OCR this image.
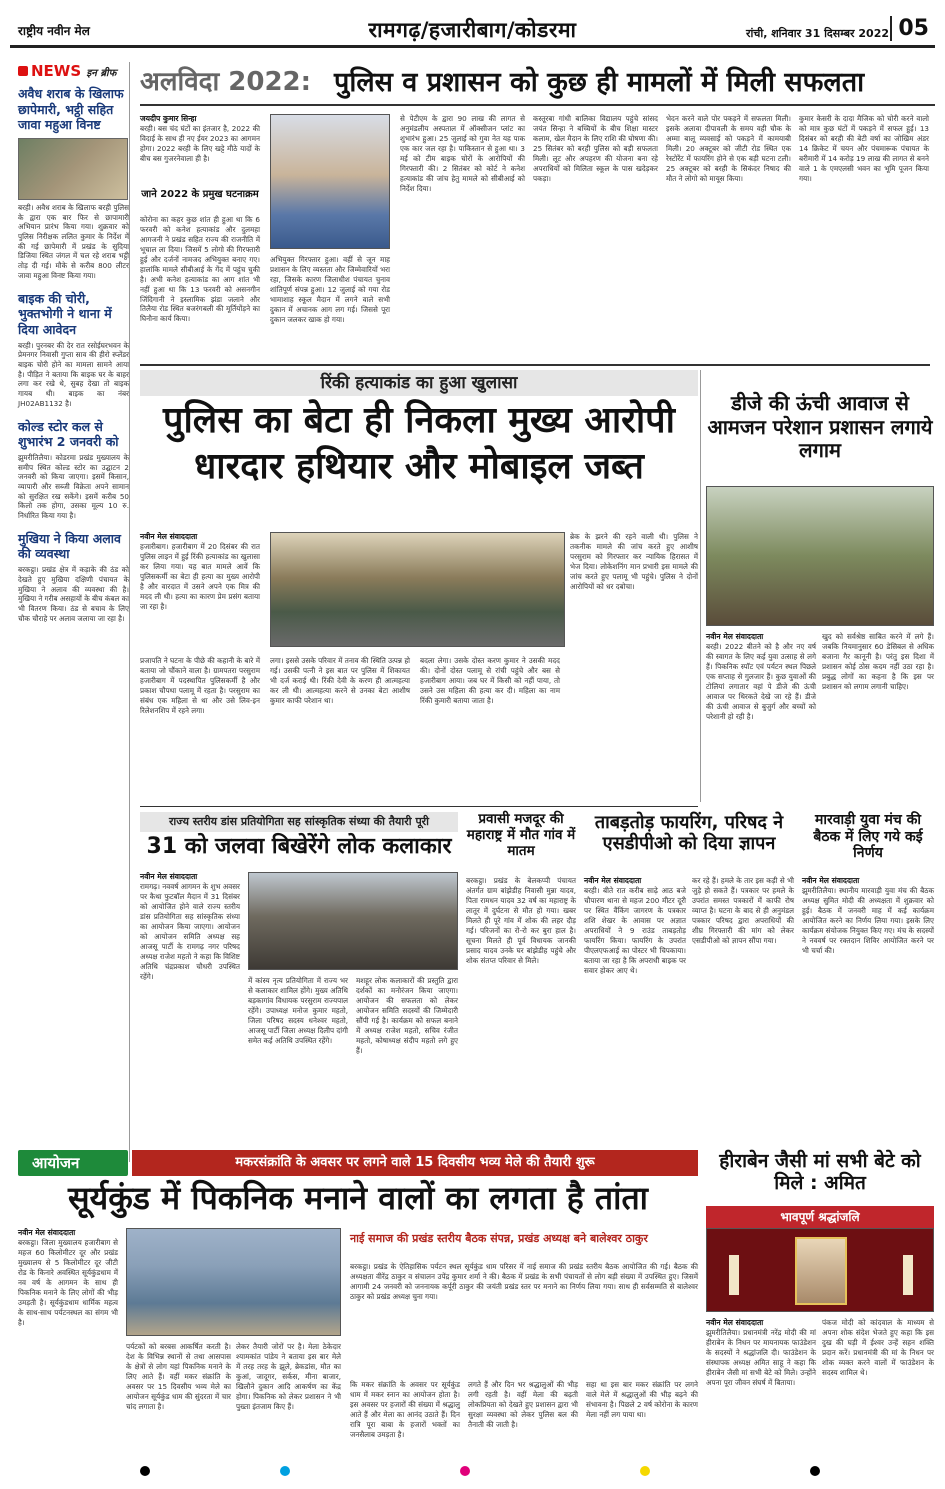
राष्ट्रीय नवीन मेल	रामगढ़/हजारीबाग/कोडरमा	रांची, शनिवार 31 दिसम्बर 2022 05
NEWS इन ब्रीफ
अवैध शराब के खिलाफ छापेमारी, भट्ठी सहित जावा महुआ विनष्ट
बरही। अवैध शराब के खिलाफ बरही पुलिस के द्वारा एक बार फिर से छापामारी अभियान प्रारंभ किया गया। शुक्रवार को पुलिस निरीक्षक ललित कुमार के निर्देश में की गई छापेमारी में प्रखंड के सुदिया डिजिया स्थित जंगल में चल रहे शराब भट्ठी तोड़ दी गई। मौके से करीब 800 लीटर जावा महुआ विनष्ट किया गया।
बाइक की चोरी, भुक्तभोगी ने थाना में दिया आवेदन
बरही। पुरनबर की देर रात रसोईघरभवन के प्रेमनगर निवासी गुप्ता साव की हीरो स्प्लेंडर बाइक चोरी होने का मामला सामने आया है। पीड़ित ने बताया कि बाइक घर के बाहर लगा कर रखे थे, सुबह देखा तो बाइक गायब थी। बाइक का नंबर JH02AB1132 है।
कोल्ड स्टोर कल से शुभारंभ 2 जनवरी को
झुमरीतिलैया। कोडरमा प्रखंड मुख्यालय के समीप स्थित कोल्ड स्टोर का उद्घाटन 2 जनवरी को किया जाएगा। इसमें किसान, व्यापारी और सब्जी विक्रेता अपने सामान को सुरक्षित रख सकेंगे। इसमें करीब 50 किलो तक होगा, उसका मूल्य 10 रु. निर्धारित किया गया है।
मुखिया ने किया अलाव की व्यवस्था
बरकट्ठा। प्रखंड क्षेत्र में कड़ाके की ठंड को देखते हुए मुखिया दक्षिणी पंचायत के मुखिया ने अलाव की व्यवस्था की है। मुखिया ने गरीब असहायों के बीच कंबल का भी वितरण किया। ठंड से बचाव के लिए चौक चौराहे पर अलाव जलाया जा रहा है।
अलविदा 2022: पुलिस व प्रशासन को कुछ ही मामलों में मिली सफलता
जयदीप कुमार सिन्हा
बरही। बस चंद घंटों का इंतजार है, 2022 की विदाई के साथ ही नए ईयर 2023 का आगमन होगा। 2022 बरही के लिए खट्टे मीठे यादों के बीच बस गुजरनेवाला ही है।
जाने 2022 के प्रमुख घटनाक्रम
कोरोना का कहर कुछ शांत ही हुआ था कि 6 फरवरी को कनेश हत्याकांड और दुलमहा आगजनी ने प्रखंड सहित राज्य की राजनीति में भूचाल ला दिया। जिसमें 5 लोगो की गिरफ्तारी हुई और दर्जनों नामजद अभियुक्त बनाए गए। हालांकि मामले सीबीआई के गेंद में पहुंच चुकी है। अभी कनेश हत्याकांड का आग शांत भी नहीं हुआ था कि 13 फरवरी को असनगीन जिंदिगानी ने इस्लामिक झंडा जलाने और तिलैया रोड स्थित बजरंगबली की मूर्तियोंड़ने का घिनौना कार्य किया।
अभियुक्त गिरफ्तार हुआ। वहीं से जून माह प्रशासन के लिए व्यस्तता और जिम्मेवारियों भरा रहा, जिसके कारण जिलाधीश पंचायत चुनाव शांतिपूर्ण संपन्न हुआ। 12 जुलाई को गया रोड भामाशाह स्कूल मैदान में लगने वाले सभी दुकान में अचानक आग लग गई। जिससे पूरा दुकान जलकर खाक हो गया।
से पेटीएम के द्वारा 90 लाख की लागत से अनुमंडलीय अस्पताल में ऑक्सीजन प्लांट का शुभारंभ हुआ। 25 जुलाई को गुवा नेत यह पाक एक कार जल रहा है। पाकिस्तान से हुआ था। 3 मई को टीम बाइक चोरों के आरोपियों की गिरफ्तारी की। 2 सितंबर को कोर्ट ने कनेश हत्याकांड की जांच हेतु मामले को सीबीआई को निर्देश दिया।
कस्तूरबा गांधी बालिका विद्यालय पहुंचे सांसद जयंत सिन्हा ने बच्चियों के बीच शिक्षा मास्टर कलाम, खेल मैदान के लिए राशि की घोषणा की। 25 सितंबर को बरही पुलिस को बड़ी सफलता मिली। लूट और अपहरण की योजना बना रहे अपराधियों को मिलिता स्कूल के पास खदेड़कर पकड़ा।
भेदन करने वाले पोर पकड़ने में सफलता मिली। इसके अलावा दीपावली के समय वही चौक के अम्मा बालू व्यवसाई को पकड़ने में कामयाबी मिली। 20 अक्टूबर को जीटी रोड स्थित एक रेस्टोरेंट में फायरिंग होने से एक बड़ी घटना टली। 25 अक्टूबर को बरही के सिकंदर निषाद की मौत ने लोगो को मायूस किया।
कुमार केसरी के दादा मैजिक को चोरी करने वालो को मात्र कुछ घंटों में पकड़ने में सफल हुई। 13 दिसंबर को बरही की बेटी वर्षा का जोखिम अंडर 14 क्रिकेट में चयन और पंचमारूक पंचायत के बरीमारी में 14 करोड़ 19 लाख की लागत से बनने वाले 1 के एमएलसी भवन का भूमि पूजन किया गया।
रिंकी हत्याकांड का हुआ खुलासा
पुलिस का बेटा ही निकला मुख्य आरोपी
धारदार हथियार और मोबाइल जब्त
नवीन मेल संवाददाता
हजारीबाग। हजारीबाग में 20 दिसंबर की रात पुलिस लाइन में हुई रिंकी हत्याकांड का खुलासा कर लिया गया। यह बात मामले आवें कि पुलिसकर्मी का बेटा ही हत्या का मुख्य आरोपी है और वारदात में उसने अपने एक मित्र की मदद ली थी। हत्या का कारण प्रेम प्रसंग बताया जा रहा है।
प्रजापति ने घटना के पीछे की कहानी के बारे में बताया जो चौंकाने वाला है। ग्रामपतरा परसुराम हजारीबाग में पदस्थापित पुलिसकर्मी है और प्रकाश चौपथा पलामू में रहता है। परसुराम का संबंध एक महिला से था और उसे लिव-इन रिलेशनशिप में रहने लगा।
लगा। इससे उसके परिवार में तनाव की स्थिति उत्पन्न हो गई। उसकी पत्नी ने इस बात पर पुलिस में शिकायत भी दर्ज कराई थी। रिंकी देवी के करण ही आत्महत्या कर ली थी। आत्महत्या करने से उनका बेटा आशीष कुमार काफी परेशान था।
बदला लेगा। उसके दोस्त करण कुमार ने उसकी मदद की। दोनों दोस्त पलामू से रांची पहुंचे और बस से हजारीबाग आया। जब घर में किसी को नहीं पाया, तो उसने उस महिला की हत्या कर दी। महिला का नाम रिंकी कुमारी बताया जाता है।
ब्रेक के झरने की रहने वाली थी। पुलिस ने तकनीक मामले की जांच करते हुए आशीष परसुराम को गिरफ्तार कर न्यायिक हिरासत में भेज दिया। लोकेशनिंग मान प्रभारी इस मामले की जांच करते हुए पलामू भी पहुंचे। पुलिस ने दोनों आरोपियों को धर दबोचा।
डीजे की ऊंची आवाज से आमजन परेशान प्रशासन लगाये लगाम
नवीन मेल संवाददाता
बरही। 2022 बीतने को है और नए वर्ष की स्वागत के लिए कई युवा उत्साह से लगे हैं। पिकनिक स्पॉट एवं पर्यटन स्थल पिछले एक सप्ताह से गुलजार हैं। कुछ युवाओं की टोलियां लगातार वहां पे डीजे की ऊंची आवाज पर थिरकते देखे जा रहे हैं। डीजे की ऊंची आवाज से बुजुर्ग और बच्चों को परेशानी हो रही है।
खुद को सर्वश्रेष्ठ साबित करने में लगे हैं। जबकि नियमानुसार 60 डेसिबल से अधिक बजाना गैर कानूनी है। परंतु इस दिशा में प्रशासन कोई ठोस कदम नहीं उठा रहा है। प्रबुद्ध लोगों का कहना है कि इस पर प्रशासन को लगाम लगानी चाहिए।
राज्य स्तरीय डांस प्रतियोगिता सह सांस्कृतिक संध्या की तैयारी पूरी
31 को जलवा बिखेरेंगे लोक कलाकार
नवीन मेल संवाददाता
रामगढ़। नववर्ष आगमन के शुभ अवसर पर कैथा फुटबॉल मैदान में 31 दिसंबर को आयोजित होने वाले राज्य स्तरीय डांस प्रतियोगिता सह सांस्कृतिक संध्या का आयोजन किया जाएगा। आयोजन को आयोजन समिति अध्यक्ष सह आजसू पार्टी के रामगढ़ नगर परिषद अध्यक्ष राजेश महतो ने कहा कि विशिष्ट अतिथि चंद्रप्रकाश चौधरी उपस्थित रहेंगे।	में कांस्य नृत्य प्रतियोगिता में राज्य भर से कलाकार शामिल होंगे। मुख्य अतिथि बड़कागांव विधायक परसुराम राज्यपाल रहेंगे। उपाध्यक्ष मनोज कुमार महतो, जिला परिषद सदस्य धनेश्वर महतो, आजसू पार्टी जिला अध्यक्ष दिलीप दांगी समेत कई अतिथि उपस्थित रहेंगे।
मशहूर लोक कलाकारों की प्रस्तुति द्वारा दर्शकों का मनोरंजन किया जाएगा। आयोजन की सफलता को लेकर आयोजन समिति सदस्यों की जिम्मेदारी सौंपी गई है। कार्यक्रम को सफल बनाने में अध्यक्ष राजेश महतो, सचिव रंजीत महतो, कोषाध्यक्ष संदीप महतो लगे हुए हैं।
प्रवासी मजदूर की महाराष्ट्र में मौत गांव में मातम
बरकट्ठा। प्रखंड के बेलकप्पी पंचायत अंतर्गत ग्राम बांझेडीह निवासी मुन्ना यादव, पिता रामधन यादव 32 वर्ष का महाराष्ट्र के लातूर में दुर्घटना से मौत हो गया। खबर मिलते ही पूरे गांव में शोक की लहर दौड़ गई। परिजनों का रो-रो कर बुरा हाल है। सूचना मिलते ही पूर्व विधायक जानकी प्रसाद यादव उनके घर बांझेडीह पहुंचे और शोक संतप्त परिवार से मिले।
ताबड़तोड़ फायरिंग, परिषद ने एसडीपीओ को दिया ज्ञापन
नवीन मेल संवाददाता
बरही। बीते रात करीब साढ़े आठ बजे चौपारण थाना से महज 200 मीटर दूरी पर स्थित वैंकिंग जागरण के पत्रकार शशि शेखर के आवास पर अज्ञात अपराधियों ने 9 राउंड ताबड़तोड़ फायरिंग किया। फायरिंग के उपरांत पीएलएफआई का पोस्टर भी चिपकाया। बताया जा रहा है कि अपराधी बाइक पर सवार होकर आए थे।
कर रहे हैं। हमले के तार इस कड़ी से भी जुड़े हो सकते हैं। पत्रकार पर हमले के उपरांत समस्त पत्रकारों में काफी रोष व्याप्त है। घटना के बाद से ही अनुमंडल पत्रकार परिषद द्वारा अपराधियों की शीघ्र गिरफ्तारी की मांग को लेकर एसडीपीओ को ज्ञापन सौंपा गया।
मारवाड़ी युवा मंच की बैठक में लिए गये कई निर्णय
नवीन मेल संवाददाता
झुमरीतिलैया। स्थानीय मारवाड़ी युवा मंच की बैठक अध्यक्ष सुमित मोदी की अध्यक्षता में शुक्रवार को हुई। बैठक में जनवरी माह में कई कार्यक्रम आयोजित करने का निर्णय लिया गया। इसके लिए कार्यक्रम संयोजक नियुक्त किए गए। मंच के सदस्यों ने नववर्ष पर रक्तदान शिविर आयोजित करने पर भी चर्चा की।
आयोजन	मकरसंक्रांति के अवसर पर लगने वाले 15 दिवसीय भव्य मेले की तैयारी शुरू
सूर्यकुंड में पिकनिक मनाने वालों का लगता है तांता
नवीन मेल संवाददाता
बरकट्ठा। जिला मुख्यालय हजारीबाग से महज 60 किलोमीटर दूर और प्रखंड मुख्यालय से 5 किलोमीटर दूर जीटी रोड के किनारे अवस्थित सूर्यकुंडधाम में नव वर्ष के आगमन के साथ ही पिकनिक मनाने के लिए लोगों की भीड़ उमड़ती है। सूर्यकुंडधाम धार्मिक महत्व के साथ-साथ पर्यटनस्थल का संगम भी है।
पर्यटकों को बरबस आकर्षित करती है। देश के विभिन्न स्थानों से तथा आसपास के क्षेत्रों से लोग यहां पिकनिक मनाने के लिए आते हैं। वहीं मकर संक्रांति के अवसर पर 15 दिवसीय भव्य मेले का आयोजन सूर्यकुंड धाम की सुंदरता में चार चांद लगाता है।
लेकर तैयारी जोरों पर है। मेला ठेकेदार श्यामकांत पांडेय ने बताया इस बार मेले में तरह तरह के झूले, ब्रेकडांस, मौत का कुआं, जादूगर, सर्कस, मीना बाजार, खिलौने दुकान आदि आकर्षण का केंद्र होगा। पिकनिक को लेकर प्रशासन ने भी पुख्ता इंतजाम किए हैं।
नाई समाज की प्रखंड स्तरीय बैठक संपन्न, प्रखंड अध्यक्ष बने बालेश्वर ठाकुर
बरकट्ठा। प्रखंड के ऐतिहासिक पर्यटन स्थल सूर्यकुंड धाम परिसर में नाई समाज की प्रखंड स्तरीय बैठक आयोजित की गई। बैठक की अध्यक्षता वीरेंद्र ठाकुर व संचालन उपेंद्र कुमार शर्मा ने की। बैठक में प्रखंड के सभी पंचायतों से लोग बड़ी संख्या में उपस्थित हुए। जिसमें आगामी 24 जनवरी को जननायक कर्पूरी ठाकुर की जयंती प्रखंड स्तर पर मनाने का निर्णय लिया गया। साथ ही सर्वसम्मति से बालेश्वर ठाकुर को प्रखंड अध्यक्ष चुना गया।
कि मकर संक्रांति के अवसर पर सूर्यकुंड धाम में मकर स्नान का आयोजन होता है। इस अवसर पर हजारों की संख्या में श्रद्धालु आते हैं और मेला का आनंद उठाते हैं। दिन रात्रि पूरा बाबा के हजारों भक्तों का जनसैलाब उमड़ता है।
लगते हैं और दिन भर श्रद्धालुओं की भीड़ लगी रहती है। वहीं मेला की बढ़ती लोकप्रियता को देखते हुए प्रशासन द्वारा भी सुरक्षा व्यवस्था को लेकर पुलिस बल की तैनाती की जाती है।
सहा था इस बार मकर संक्रांति पर लगने वाले मेले में श्रद्धालुओं की भीड़ बढ़ने की संभावना है। पिछले 2 वर्ष कोरोना के कारण मेला नहीं लग पाया था।
हीराबेन जैसी मां सभी बेटे को मिले : अमित
भावपूर्ण श्रद्धांजलि
नवीन मेल संवाददाता
झुमरीतिलैया। प्रधानमंत्री नरेंद्र मोदी की मां हीराबेन के निधन पर मायनायक फाउंडेशन के सदस्यों ने श्रद्धांजलि दी। फाउंडेशन के संस्थापक अध्यक्ष अमित साहू ने कहा कि हीराबेन जैसी मां सभी बेटे को मिले। उन्होंने अपना पूरा जीवन संघर्ष में बिताया।
पंकज मोदी को कांदवाल के माध्यम से अपना शोक संदेश भेजते हुए कहा कि इस दुख की घड़ी में ईश्वर उन्हें सहन शक्ति प्रदान करें। प्रधानमंत्री की मां के निधन पर शोक व्यक्त करने वालों में फाउंडेशन के सदस्य शामिल थे।
